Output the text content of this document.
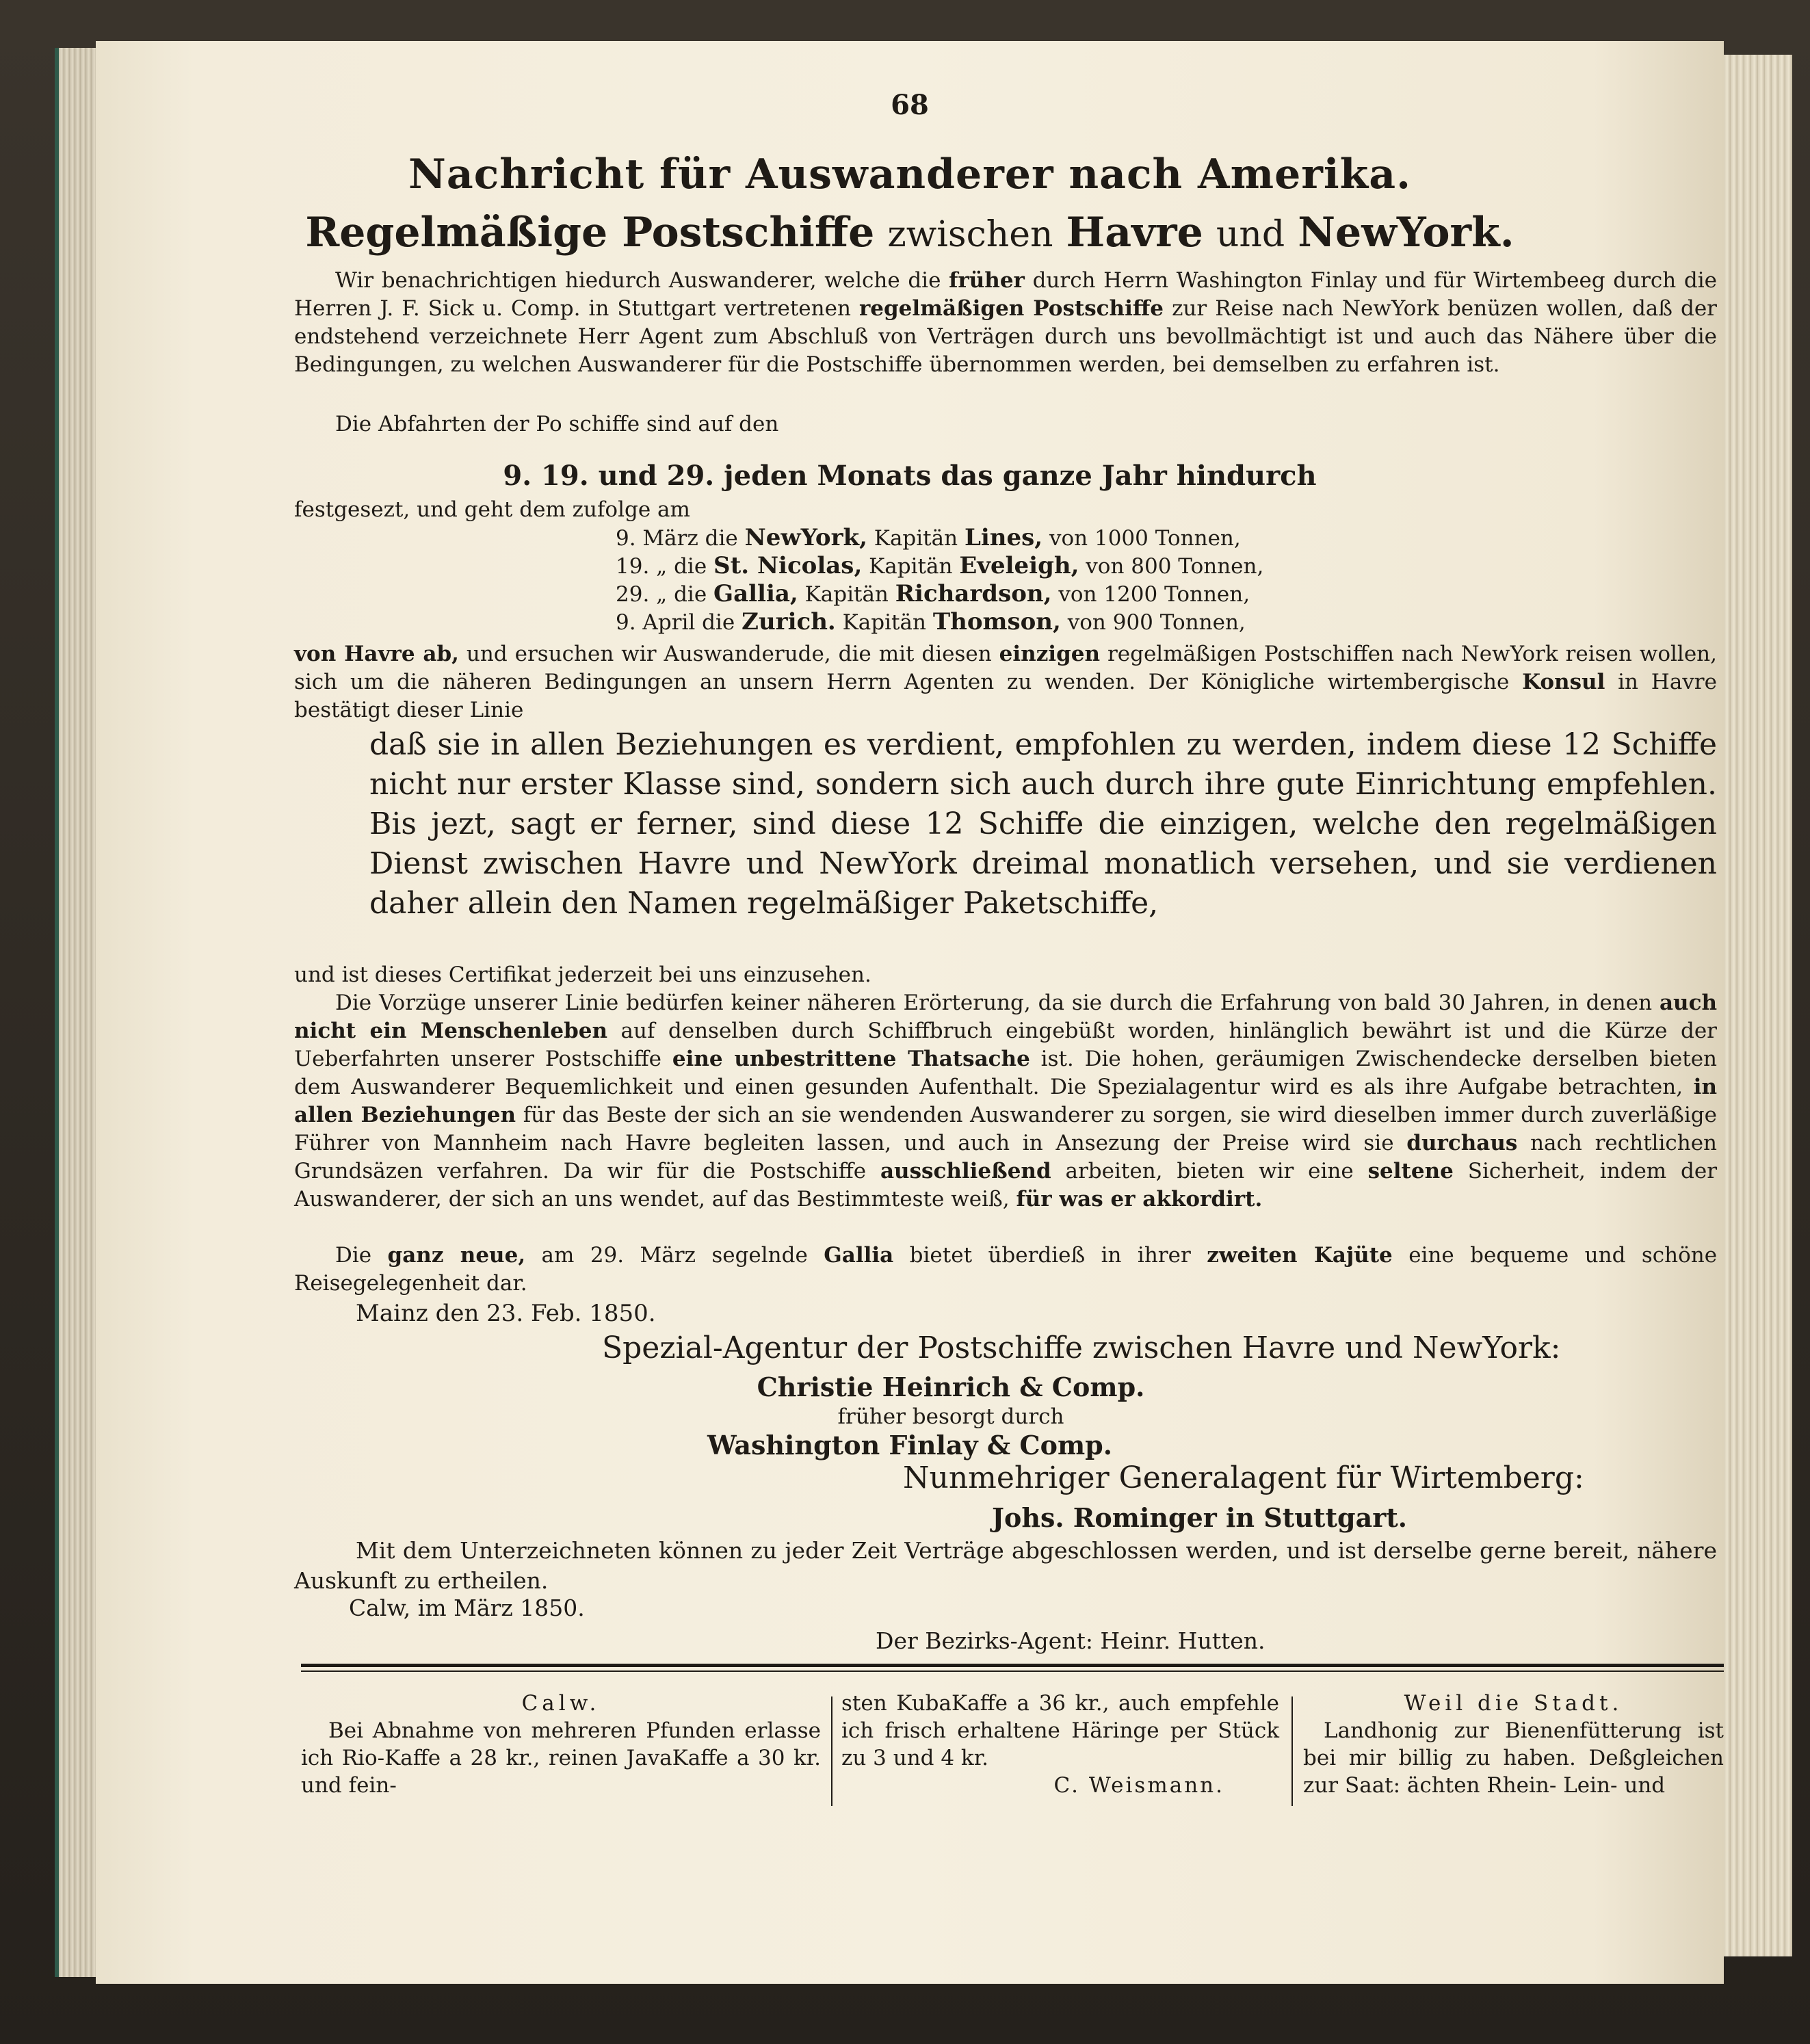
68
Nachricht für Auswanderer nach Amerika.
Regelmäßige Postschiffe zwischen Havre und NewYork.
Wir benachrichtigen hiedurch Auswanderer, welche die früher durch Herrn Washington Finlay und für Wirtembeeg durch die Herren J. F. Sick u. Comp. in Stuttgart vertretenen regelmäßigen Postschiffe zur Reise nach NewYork benüzen wollen, daß der endstehend verzeichnete Herr Agent zum Abschluß von Verträgen durch uns bevollmächtigt ist und auch das Nähere über die Bedingungen, zu welchen Auswanderer für die Postschiffe übernommen werden, bei demselben zu erfahren ist.
Die Abfahrten der Po schiffe sind auf den
9. 19. und 29. jeden Monats das ganze Jahr hindurch
festgesezt, und geht dem zufolge am
9. März die NewYork, Kapitän Lines, von 1000 Tonnen,
19. „ die St. Nicolas, Kapitän Eveleigh, von 800 Tonnen,
29. „ die Gallia, Kapitän Richardson, von 1200 Tonnen,
9. April die Zurich. Kapitän Thomson, von 900 Tonnen,
von Havre ab, und ersuchen wir Auswanderude, die mit diesen einzigen regelmäßigen Postschiffen nach NewYork reisen wollen, sich um die näheren Bedingungen an unsern Herrn Agenten zu wenden. Der Königliche wirtembergische Konsul in Havre bestätigt dieser Linie
daß sie in allen Beziehungen es verdient, empfohlen zu werden, indem diese 12 Schiffe nicht nur erster Klasse sind, sondern sich auch durch ihre gute Einrichtung empfehlen. Bis jezt, sagt er ferner, sind diese 12 Schiffe die einzigen, welche den regelmäßigen Dienst zwischen Havre und NewYork dreimal monatlich versehen, und sie verdienen daher allein den Namen regelmäßiger Paketschiffe,
und ist dieses Certifikat jederzeit bei uns einzusehen.
Die Vorzüge unserer Linie bedürfen keiner näheren Erörterung, da sie durch die Erfahrung von bald 30 Jahren, in denen auch nicht ein Menschenleben auf denselben durch Schiffbruch eingebüßt worden, hinlänglich bewährt ist und die Kürze der Ueberfahrten unserer Postschiffe eine unbestrittene Thatsache ist. Die hohen, geräumigen Zwischendecke derselben bieten dem Auswanderer Bequemlichkeit und einen gesunden Aufenthalt. Die Spezialagentur wird es als ihre Aufgabe betrachten, in allen Beziehungen für das Beste der sich an sie wendenden Auswanderer zu sorgen, sie wird dieselben immer durch zuverläßige Führer von Mannheim nach Havre begleiten lassen, und auch in Ansezung der Preise wird sie durchaus nach rechtlichen Grundsäzen verfahren. Da wir für die Postschiffe ausschließend arbeiten, bieten wir eine seltene Sicherheit, indem der Auswanderer, der sich an uns wendet, auf das Bestimmteste weiß, für was er akkordirt.
Die ganz neue, am 29. März segelnde Gallia bietet überdieß in ihrer zweiten Kajüte eine bequeme und schöne Reisegelegenheit dar.
Mainz den 23. Feb. 1850.
Spezial-Agentur der Postschiffe zwischen Havre und NewYork:
Christie Heinrich & Comp.
früher besorgt durch
Washington Finlay & Comp.
Nunmehriger Generalagent für Wirtemberg:
Johs. Rominger in Stuttgart.
Mit dem Unterzeichneten können zu jeder Zeit Verträge abgeschlossen werden, und ist derselbe gerne bereit, nähere Auskunft zu ertheilen.
Calw, im März 1850.
Der Bezirks-Agent: Heinr. Hutten.
Calw.
Bei Abnahme von mehreren Pfunden erlasse ich Rio-Kaffe a 28 kr., reinen JavaKaffe a 30 kr. und fein-
sten KubaKaffe a 36 kr., auch empfehle ich frisch erhaltene Häringe per Stück zu 3 und 4 kr.
C. Weismann.
Weil die Stadt.
Landhonig zur Bienenfütterung ist bei mir billig zu haben. Deßgleichen zur Saat: ächten Rhein- Lein- und
